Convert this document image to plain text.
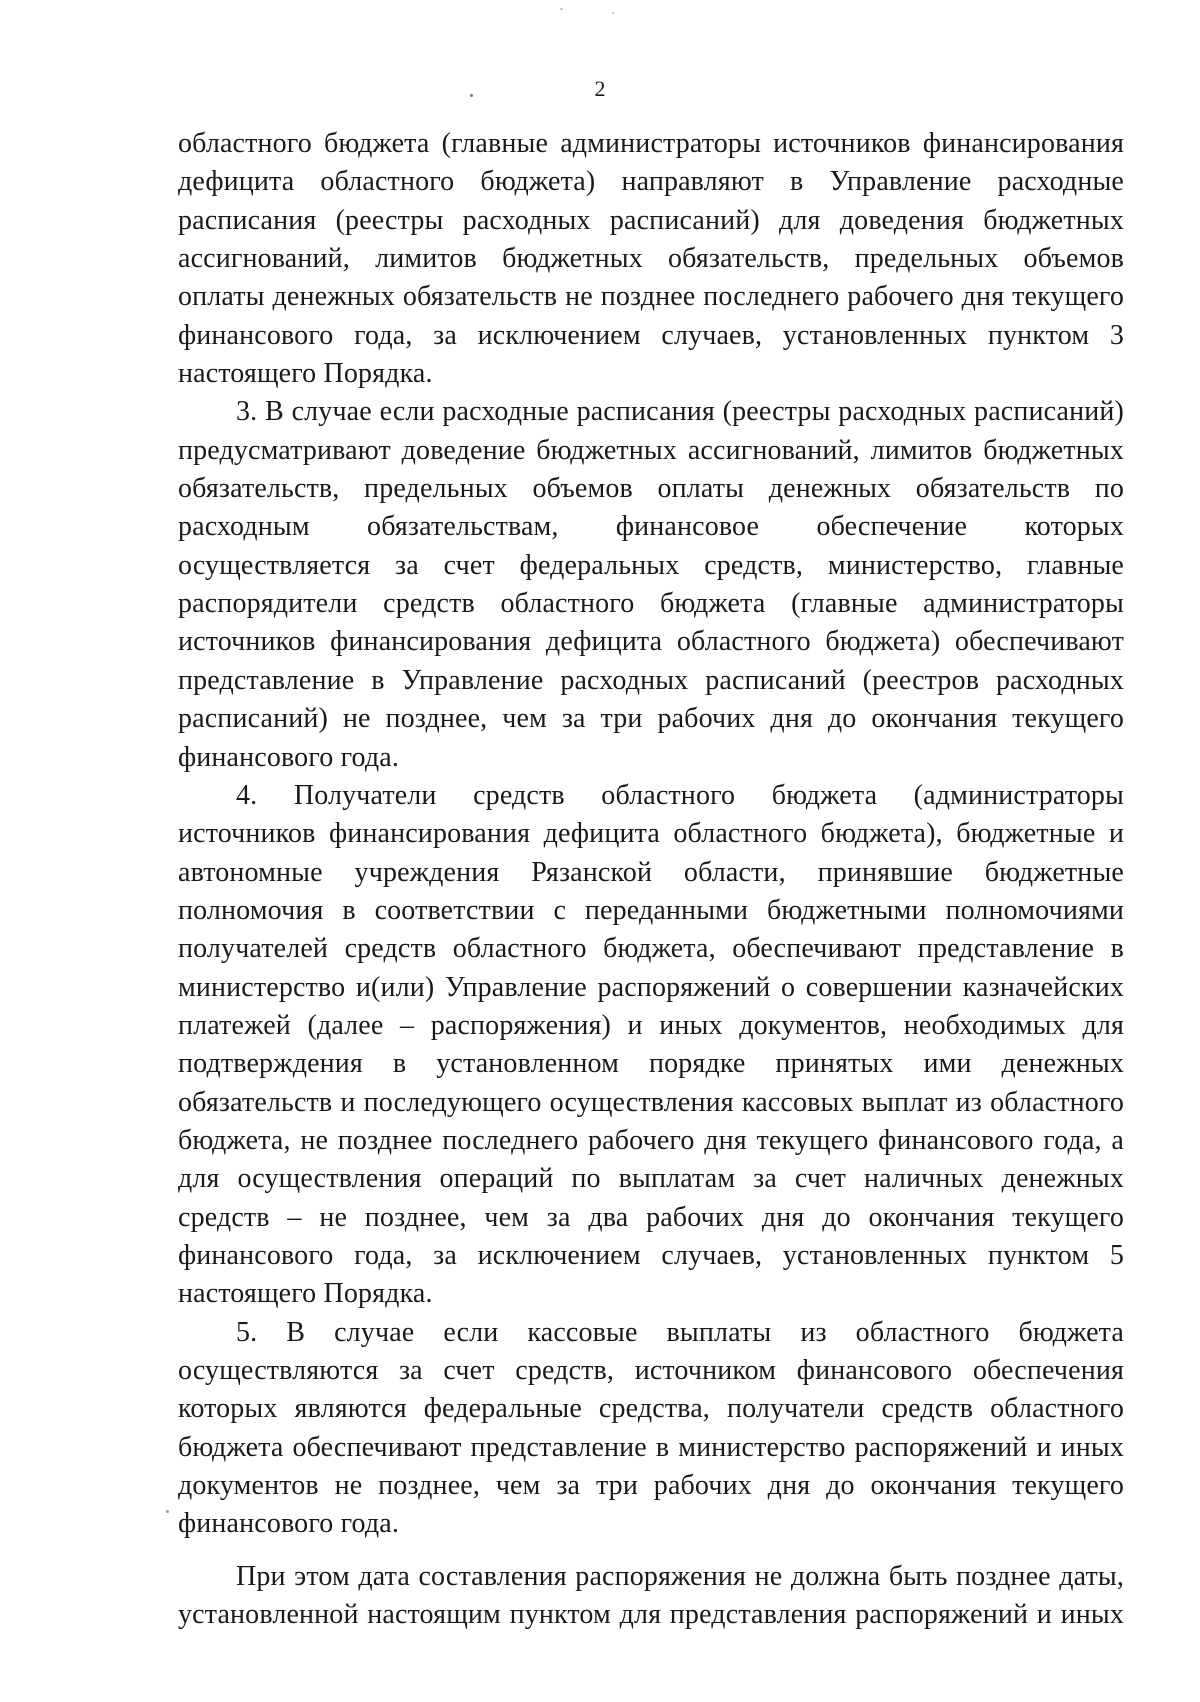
2
областного бюджета (главные администраторы источников финансирования
дефицита областного бюджета) направляют в Управление расходные
расписания (реестры расходных расписаний) для доведения бюджетных
ассигнований, лимитов бюджетных обязательств, предельных объемов
оплаты денежных обязательств не позднее последнего рабочего дня текущего
финансового года, за исключением случаев, установленных пунктом 3
настоящего Порядка.
3. В случае если расходные расписания (реестры расходных расписаний)
предусматривают доведение бюджетных ассигнований, лимитов бюджетных
обязательств, предельных объемов оплаты денежных обязательств по
расходным обязательствам, финансовое обеспечение которых
осуществляется за счет федеральных средств, министерство, главные
распорядители средств областного бюджета (главные администраторы
источников финансирования дефицита областного бюджета) обеспечивают
представление в Управление расходных расписаний (реестров расходных
расписаний) не позднее, чем за три рабочих дня до окончания текущего
финансового года.
4. Получатели средств областного бюджета (администраторы
источников финансирования дефицита областного бюджета), бюджетные и
автономные учреждения Рязанской области, принявшие бюджетные
полномочия в соответствии с переданными бюджетными полномочиями
получателей средств областного бюджета, обеспечивают представление в
министерство и(или) Управление распоряжений о совершении казначейских
платежей (далее – распоряжения) и иных документов, необходимых для
подтверждения в установленном порядке принятых ими денежных
обязательств и последующего осуществления кассовых выплат из областного
бюджета, не позднее последнего рабочего дня текущего финансового года, а
для осуществления операций по выплатам за счет наличных денежных
средств – не позднее, чем за два рабочих дня до окончания текущего
финансового года, за исключением случаев, установленных пунктом 5
настоящего Порядка.
5. В случае если кассовые выплаты из областного бюджета
осуществляются за счет средств, источником финансового обеспечения
которых являются федеральные средства, получатели средств областного
бюджета обеспечивают представление в министерство распоряжений и иных
документов не позднее, чем за три рабочих дня до окончания текущего
финансового года.
При этом дата составления распоряжения не должна быть позднее даты,
установленной настоящим пунктом для представления распоряжений и иных
